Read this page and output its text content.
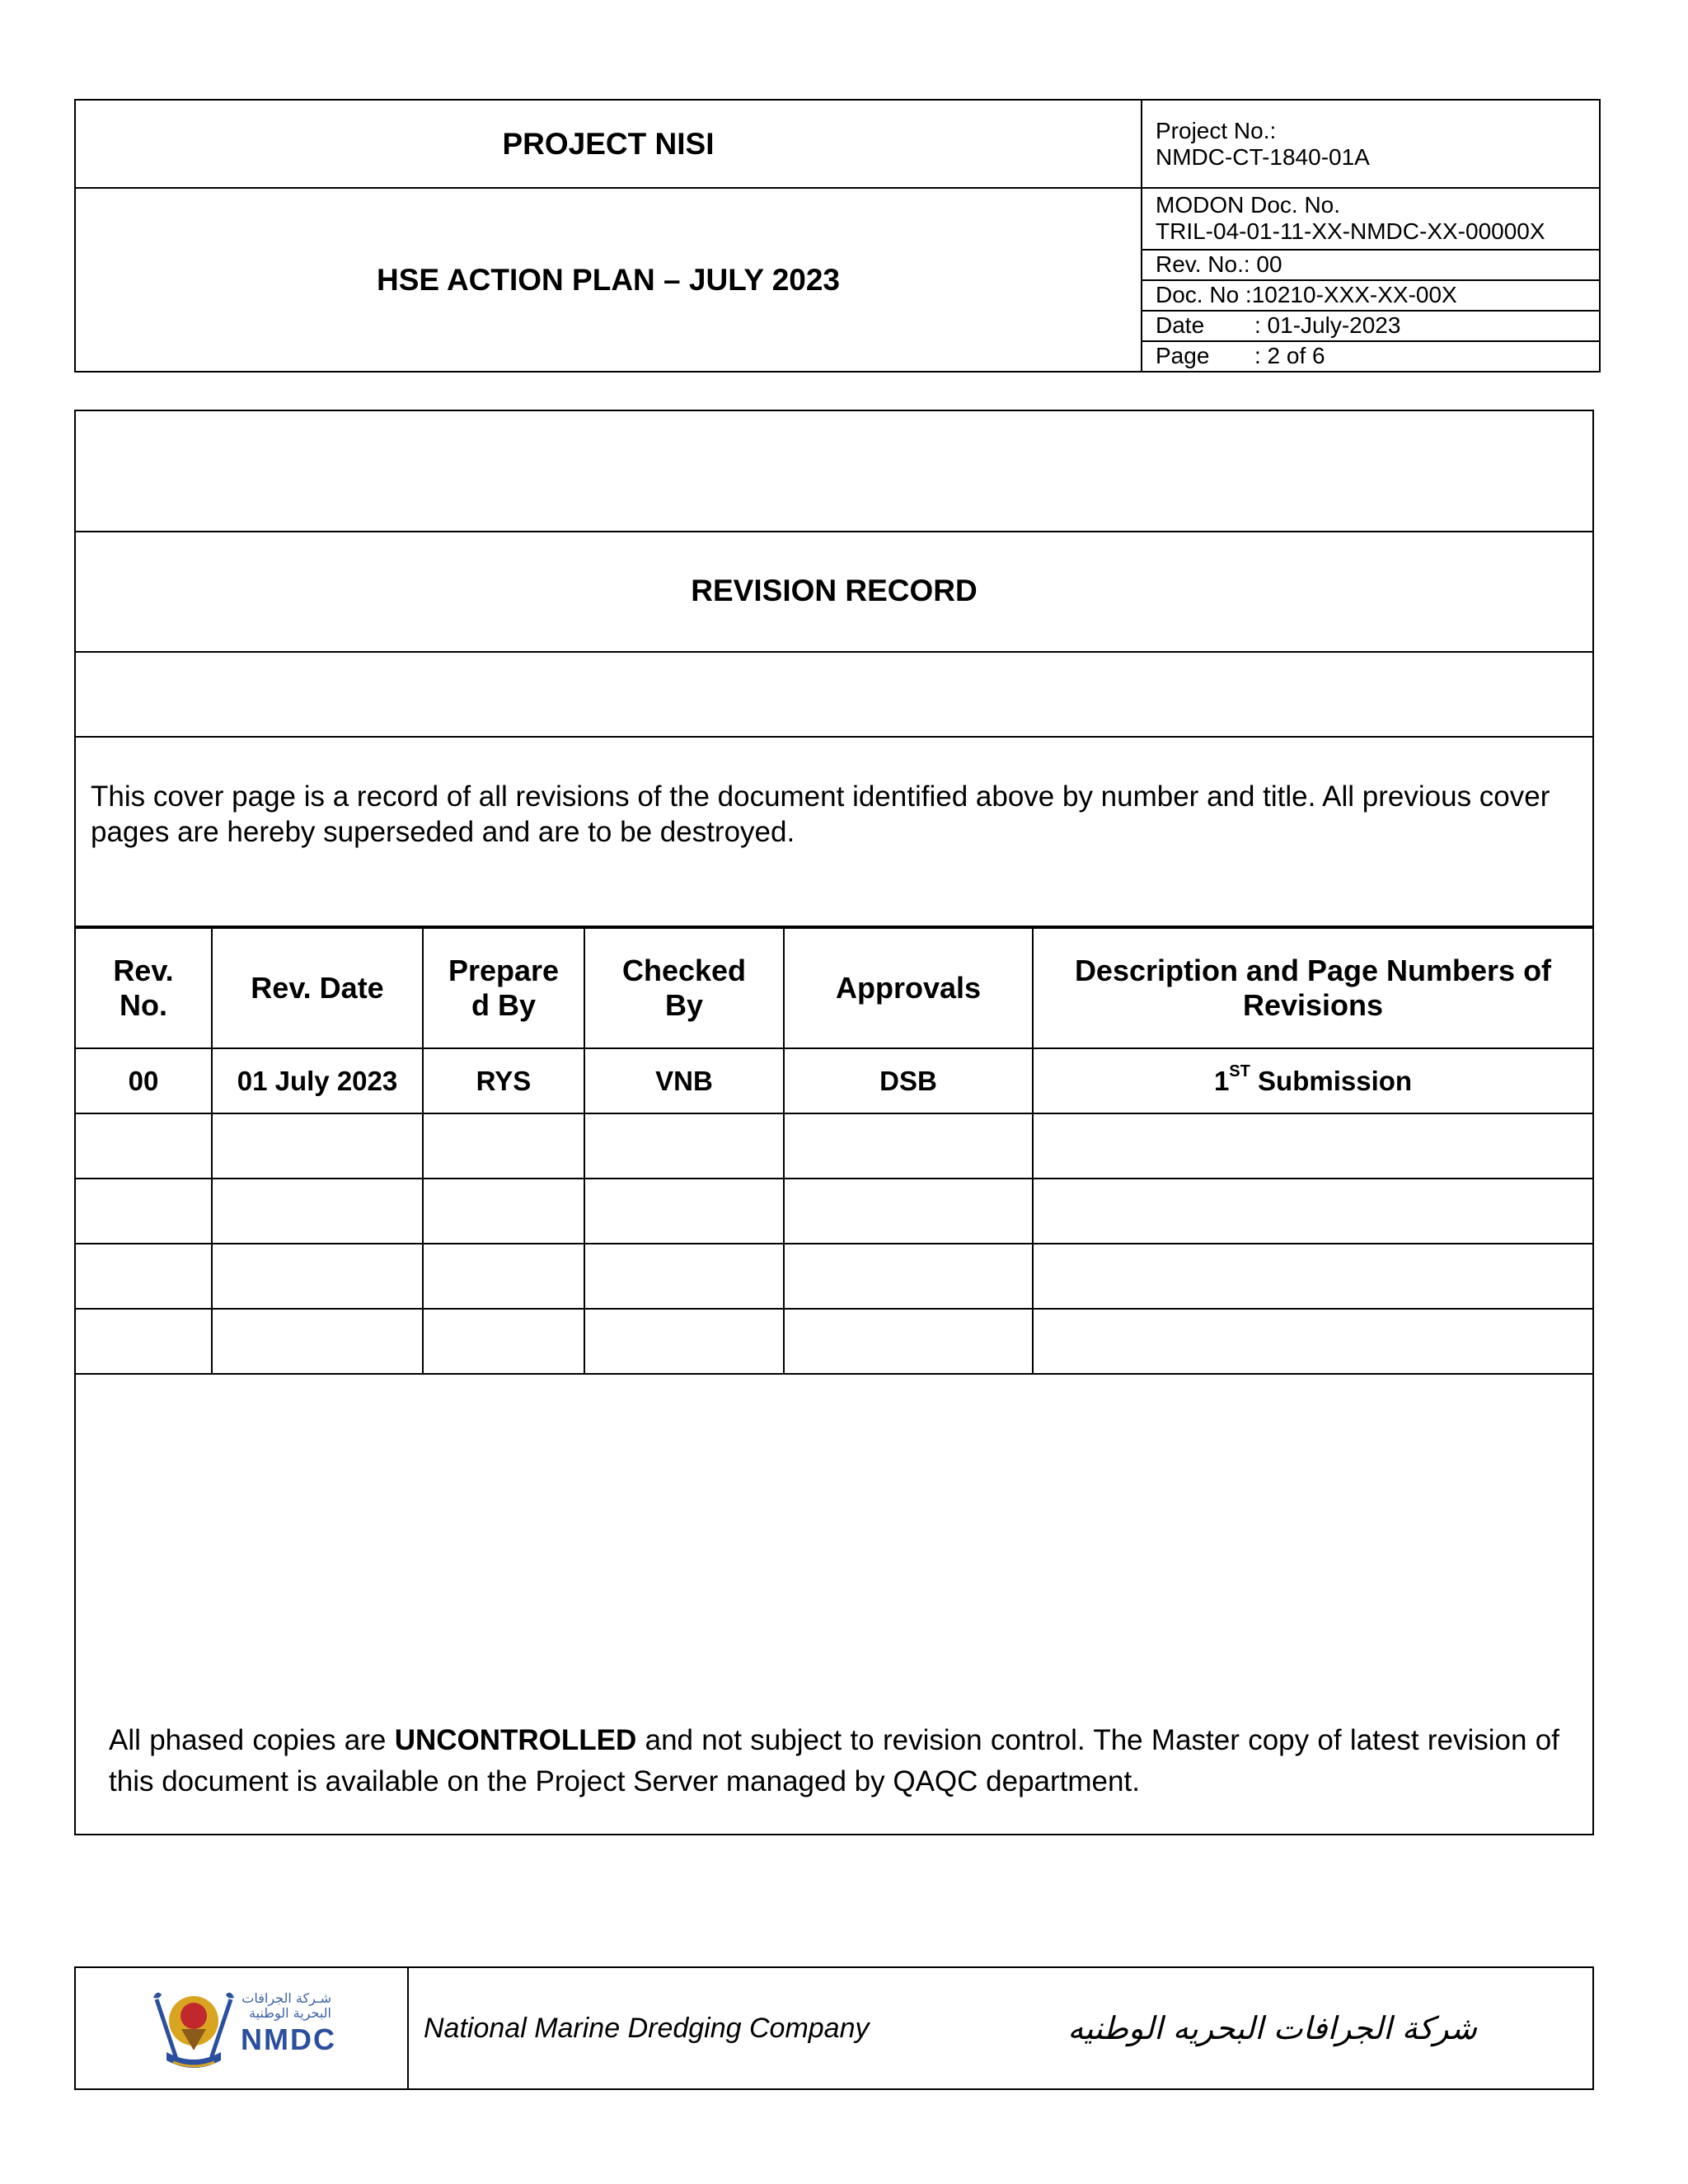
PROJECT NISI	Project No.:
NMDC-CT-1840-01A

HSE ACTION PLAN – JULY 2023	MODON Doc. No.
TRIL-04-01-11-XX-NMDC-XX-00000X

	Rev. No.: 00
	Doc. No :10210-XXX-XX-00X

	Date : 01-July-2023

	Page : 2 of 6
REVISION RECORD
This cover page is a record of all revisions of the document identified above by number and title. All previous cover pages are hereby superseded and are to be destroyed.
Rev. No.	Rev. Date	Prepared By	Checked By	Approvals	Description and Page Numbers of Revisions
00	01 July 2023	RYS	VNB	DSB	1ST Submission

All phased copies are UNCONTROLLED and not subject to revision control. The Master copy of latest revision of this document is available on the Project Server managed by QAQC department.
شـركة الجرافات البحرية الوطنية
NMDC	National Marine Dredging Company	شركة الجرافات البحريه الوطنيه
